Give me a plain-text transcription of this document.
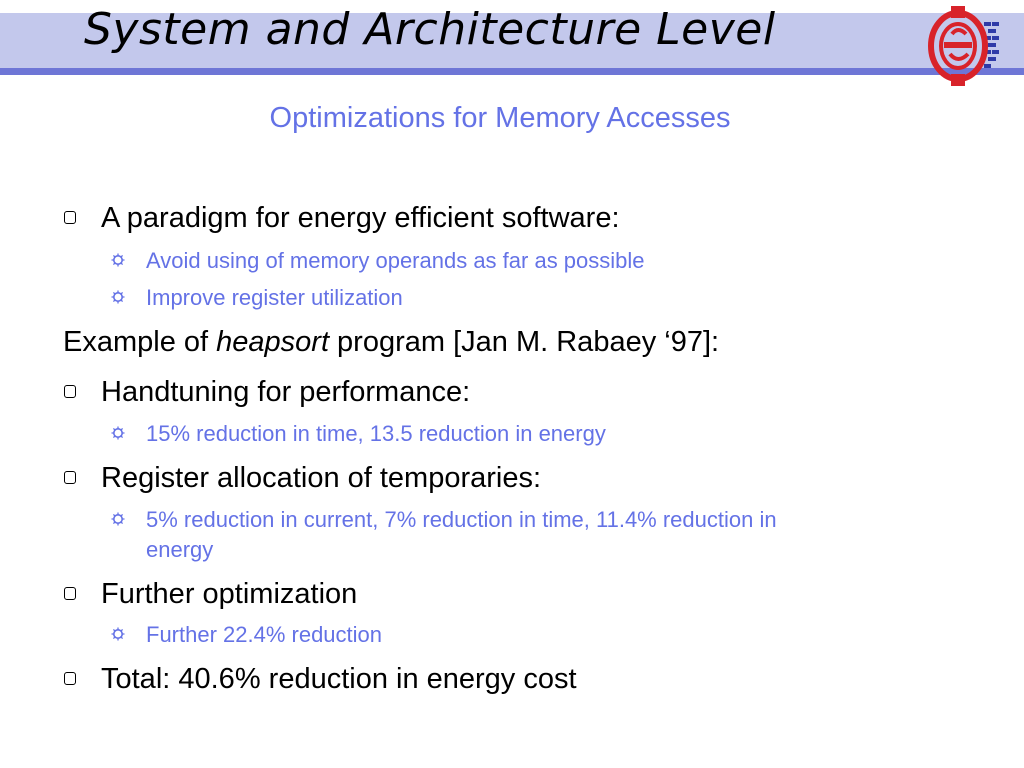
System and Architecture Level
Optimizations for Memory Accesses
A paradigm for energy efficient software:
Avoid using of memory operands as far as possible
Improve register utilization
Example of heapsort program [Jan M. Rabaey ‘97]:
Handtuning for performance:
15% reduction in time, 13.5 reduction in energy
Register allocation of temporaries:
5% reduction in current, 7% reduction in time, 11.4% reduction in
energy
Further optimization
Further 22.4% reduction
Total: 40.6% reduction in energy cost
